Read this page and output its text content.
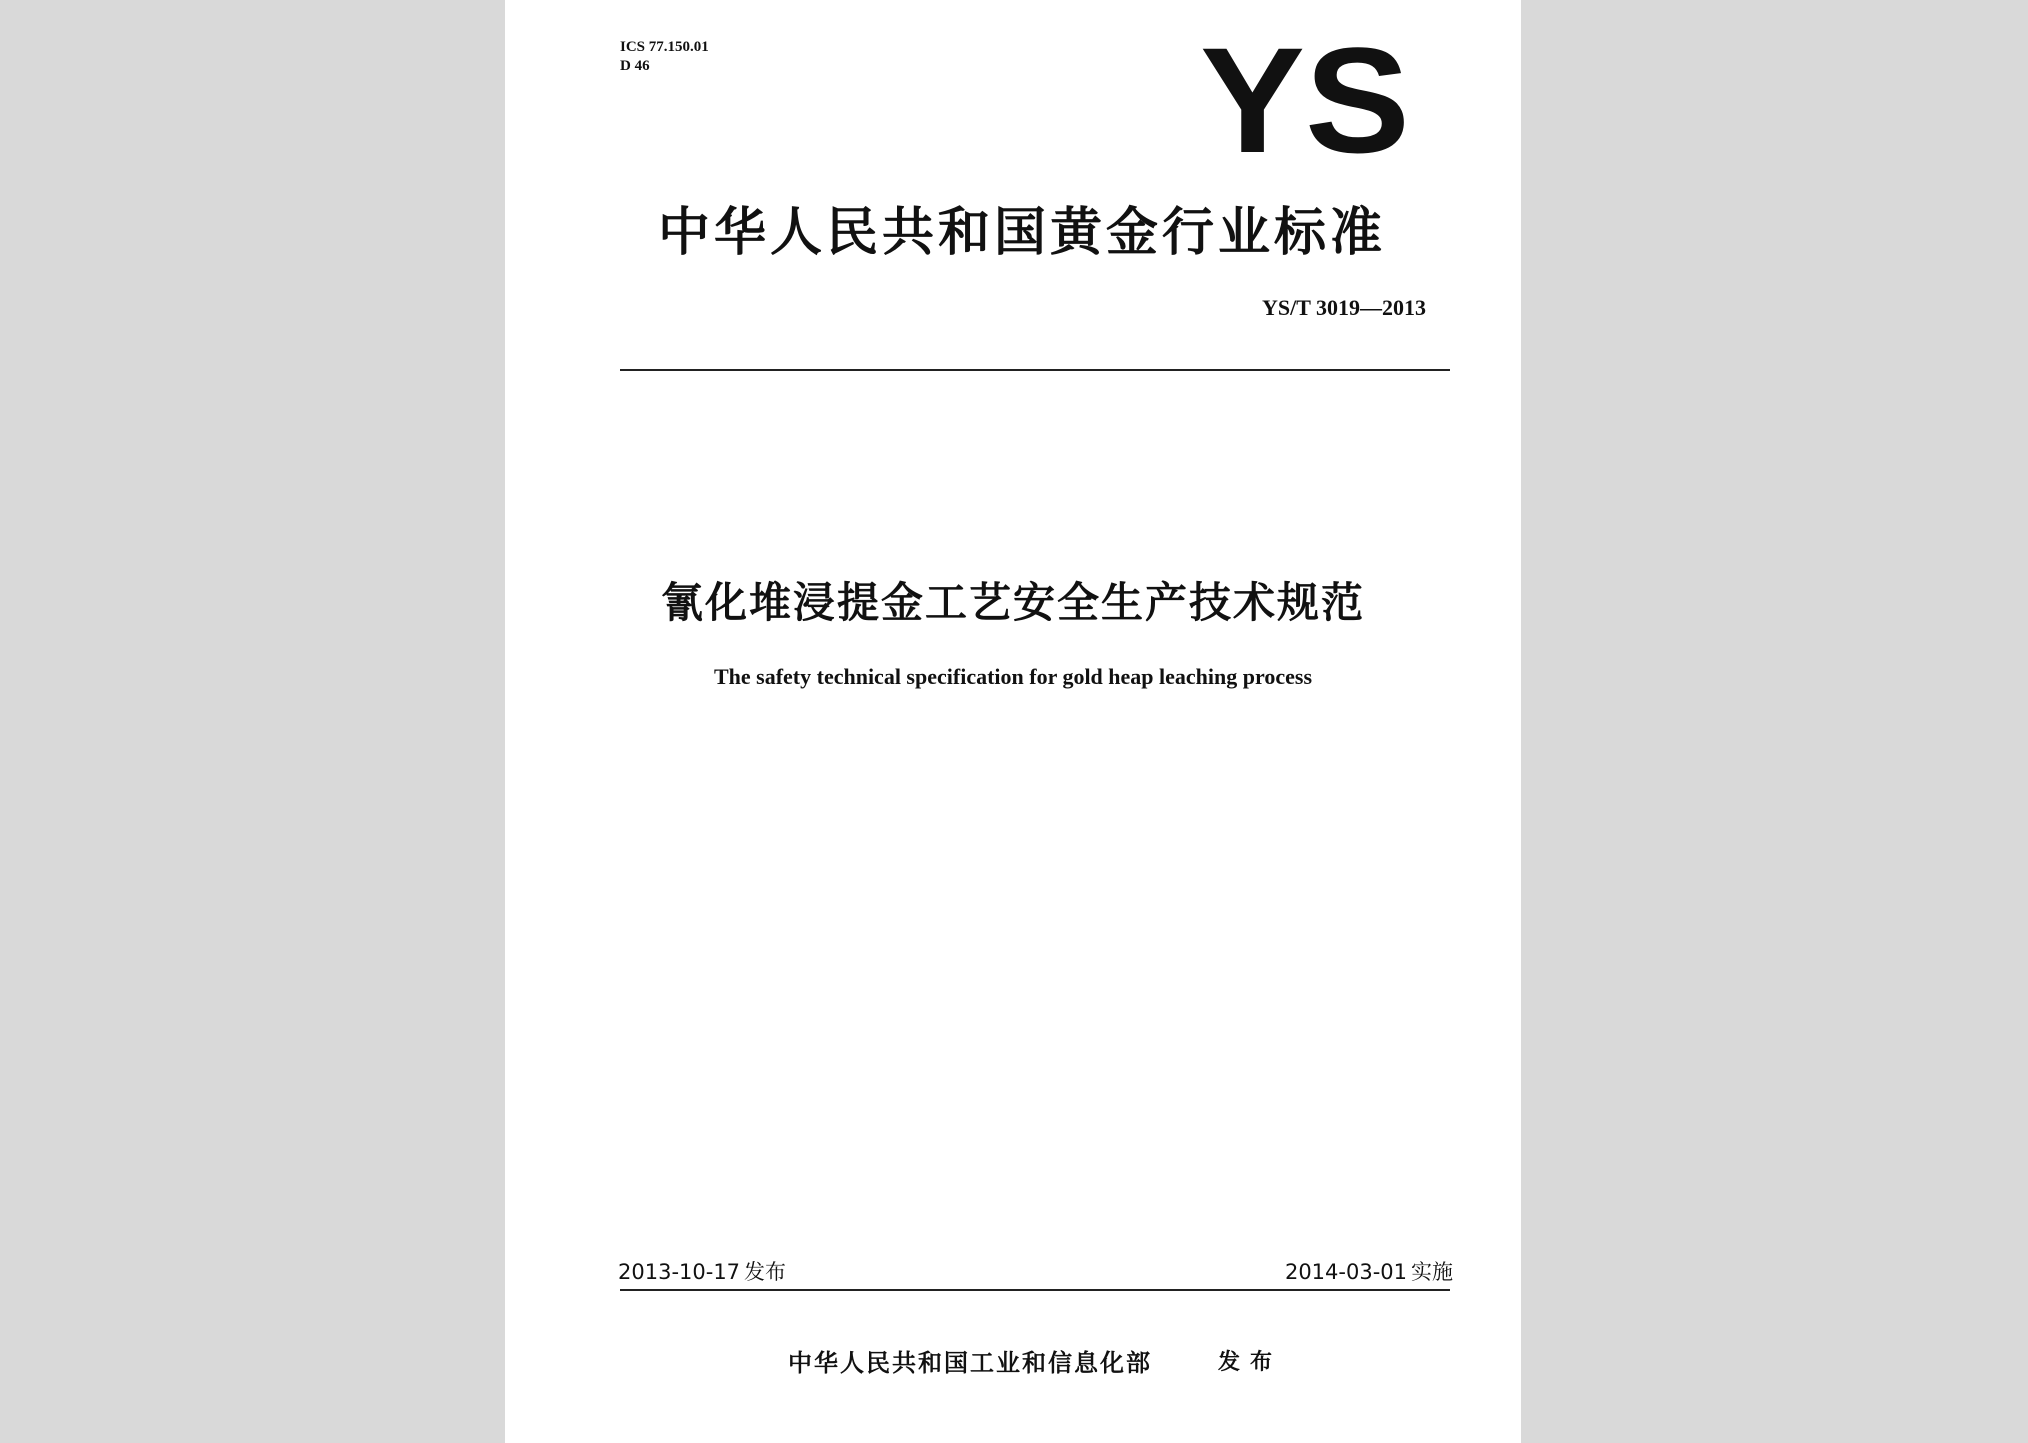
ICS 77.150.01
D 46	YS
中华人民共和国黄金行业标准
YS/T 3019—2013
氰化堆浸提金工艺安全生产技术规范
The safety technical specification for gold heap leaching process
2013-10-17 发布	2014-03-01 实施
中华人民共和国工业和信息化部	发布
